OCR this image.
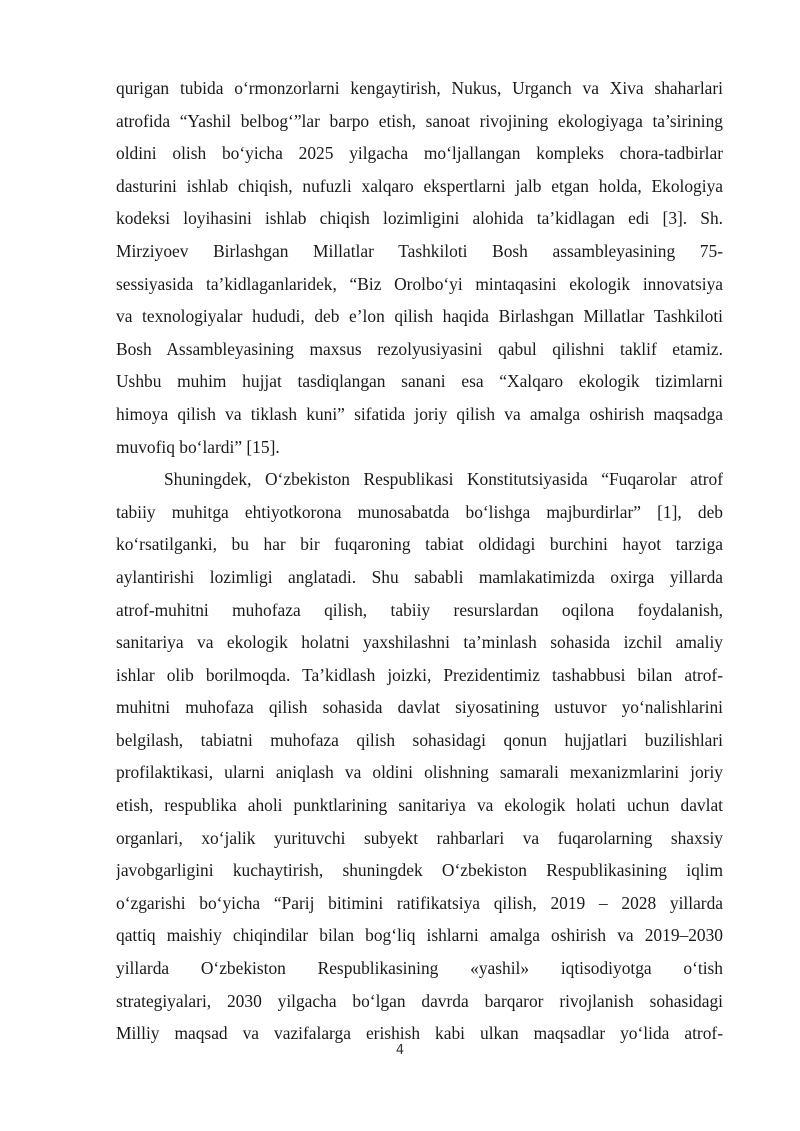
qurigan tubida o‘rmonzorlarni kengaytirish, Nukus, Urganch va Xiva shaharlari
atrofida “Yashil belbog‘”lar barpo etish, sanoat rivojining ekologiyaga ta’sirining
oldini olish bo‘yicha 2025 yilgacha mo‘ljallangan kompleks chora-tadbirlar
dasturini ishlab chiqish, nufuzli xalqaro ekspertlarni jalb etgan holda, Ekologiya
kodeksi loyihasini ishlab chiqish lozimligini alohida ta’kidlagan edi [3]. Sh.
Mirziyoev Birlashgan Millatlar Tashkiloti Bosh assambleyasining 75-
sessiyasida ta’kidlaganlaridek, “Biz Orolbo‘yi mintaqasini ekologik innovatsiya
va texnologiyalar hududi, deb e’lon qilish haqida Birlashgan Millatlar Tashkiloti
Bosh Assambleyasining maxsus rezolyusiyasini qabul qilishni taklif etamiz.
Ushbu muhim hujjat tasdiqlangan sanani esa “Xalqaro ekologik tizimlarni
himoya qilish va tiklash kuni” sifatida joriy qilish va amalga oshirish maqsadga
muvofiq bo‘lardi” [15].
Shuningdek, O‘zbekiston Respublikasi Konstitutsiyasida “Fuqarolar atrof
tabiiy muhitga ehtiyotkorona munosabatda bo‘lishga majburdirlar” [1], deb
ko‘rsatilganki, bu har bir fuqaroning tabiat oldidagi burchini hayot tarziga
aylantirishi lozimligi anglatadi. Shu sababli mamlakatimizda oxirga yillarda
atrof-muhitni muhofaza qilish, tabiiy resurslardan oqilona foydalanish,
sanitariya va ekologik holatni yaxshilashni ta’minlash sohasida izchil amaliy
ishlar olib borilmoqda. Ta’kidlash joizki, Prezidentimiz tashabbusi bilan atrof-
muhitni muhofaza qilish sohasida davlat siyosatining ustuvor yo‘nalishlarini
belgilash, tabiatni muhofaza qilish sohasidagi qonun hujjatlari buzilishlari
profilaktikasi, ularni aniqlash va oldini olishning samarali mexanizmlarini joriy
etish, respublika aholi punktlarining sanitariya va ekologik holati uchun davlat
organlari, xo‘jalik yurituvchi subyekt rahbarlari va fuqarolarning shaxsiy
javobgarligini kuchaytirish, shuningdek O‘zbekiston Respublikasining iqlim
o‘zgarishi bo‘yicha “Parij bitimini ratifikatsiya qilish, 2019 – 2028 yillarda
qattiq maishiy chiqindilar bilan bog‘liq ishlarni amalga oshirish va 2019–2030
yillarda O‘zbekiston Respublikasining «yashil» iqtisodiyotga o‘tish
strategiyalari, 2030 yilgacha bo‘lgan davrda barqaror rivojlanish sohasidagi
Milliy maqsad va vazifalarga erishish kabi ulkan maqsadlar yo‘lida atrof-
4
